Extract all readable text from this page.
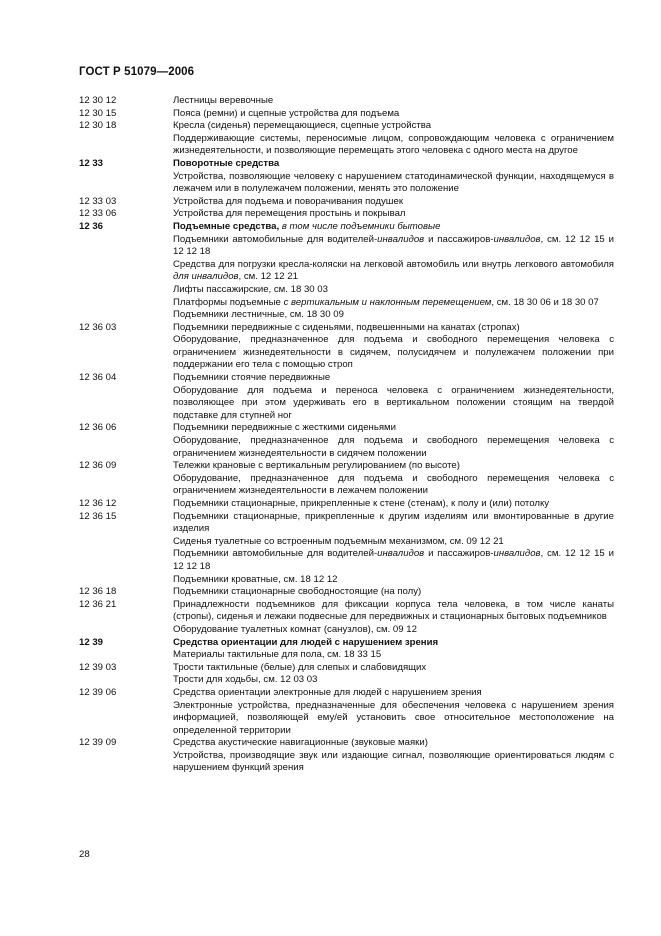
ГОСТ Р 51079—2006
12 30 12	Лестницы веревочные
12 30 15	Пояса (ремни) и сцепные устройства для подъема
12 30 18	Кресла (сиденья) перемещающиеся, сцепные устройства
Поддерживающие системы, переносимые лицом, сопровождающим человека с ограничением жизнедеятельности, и позволяющие перемещать этого человека с одного места на другое
12 33	Поворотные средства
Устройства, позволяющие человеку с нарушением статодинамической функции, находящемуся в лежачем или в полулежачем положении, менять это положение
12 33 03	Устройства для подъема и поворачивания подушек
12 33 06	Устройства для перемещения простынь и покрывал
12 36	Подъемные средства, в том числе подъемники бытовые
Подъемники автомобильные для водителей-инвалидов и пассажиров-инвалидов, см. 12 12 15 и 12 12 18
Средства для погрузки кресла-коляски на легковой автомобиль или внутрь легкового автомобиля для инвалидов, см. 12 12 21
Лифты пассажирские, см. 18 30 03
Платформы подъемные с вертикальным и наклонным перемещением, см. 18 30 06 и 18 30 07
Подъемники лестничные, см. 18 30 09
12 36 03	Подъемники передвижные с сиденьями, подвешенными на канатах (стропах)
Оборудование, предназначенное для подъема и свободного перемещения человека с ограничением жизнедеятельности в сидячем, полусидячем и полулежачем положении при поддержании его тела с помощью строп
12 36 04	Подъемники стоячие передвижные
Оборудование для подъема и переноса человека с ограничением жизнедеятельности, позволяющее при этом удерживать его в вертикальном положении стоящим на твердой подставке для ступней ног
12 36 06	Подъемники передвижные с жесткими сиденьями
Оборудование, предназначенное для подъема и свободного перемещения человека с ограничением жизнедеятельности в сидячем положении
12 36 09	Тележки крановые с вертикальным регулированием (по высоте)
Оборудование, предназначенное для подъема и свободного перемещения человека с ограничением жизнедеятельности в лежачем положении
12 36 12	Подъемники стационарные, прикрепленные к стене (стенам), к полу и (или) потолку
12 36 15	Подъемники стационарные, прикрепленные к другим изделиям или вмонтированные в другие изделия
Сиденья туалетные со встроенным подъемным механизмом, см. 09 12 21
Подъемники автомобильные для водителей-инвалидов и пассажиров-инвалидов, см. 12 12 15 и 12 12 18
Подъемники кроватные, см. 18 12 12
12 36 18	Подъемники стационарные свободностоящие (на полу)
12 36 21	Принадлежности подъемников для фиксации корпуса тела человека, в том числе канаты (стропы), сиденья и лежаки подвесные для передвижных и стационарных бытовых подъемников
Оборудование туалетных комнат (санузлов), см. 09 12
12 39	Средства ориентации для людей с нарушением зрения
Материалы тактильные для пола, см. 18 33 15
12 39 03	Трости тактильные (белые) для слепых и слабовидящих
Трости для ходьбы, см. 12 03 03
12 39 06	Средства ориентации электронные для людей с нарушением зрения
Электронные устройства, предназначенные для обеспечения человека с нарушением зрения информацией, позволяющей ему/ей установить свое относительное местоположение на определенной территории
12 39 09	Средства акустические навигационные (звуковые маяки)
Устройства, производящие звук или издающие сигнал, позволяющие ориентироваться людям с нарушением функций зрения
28
